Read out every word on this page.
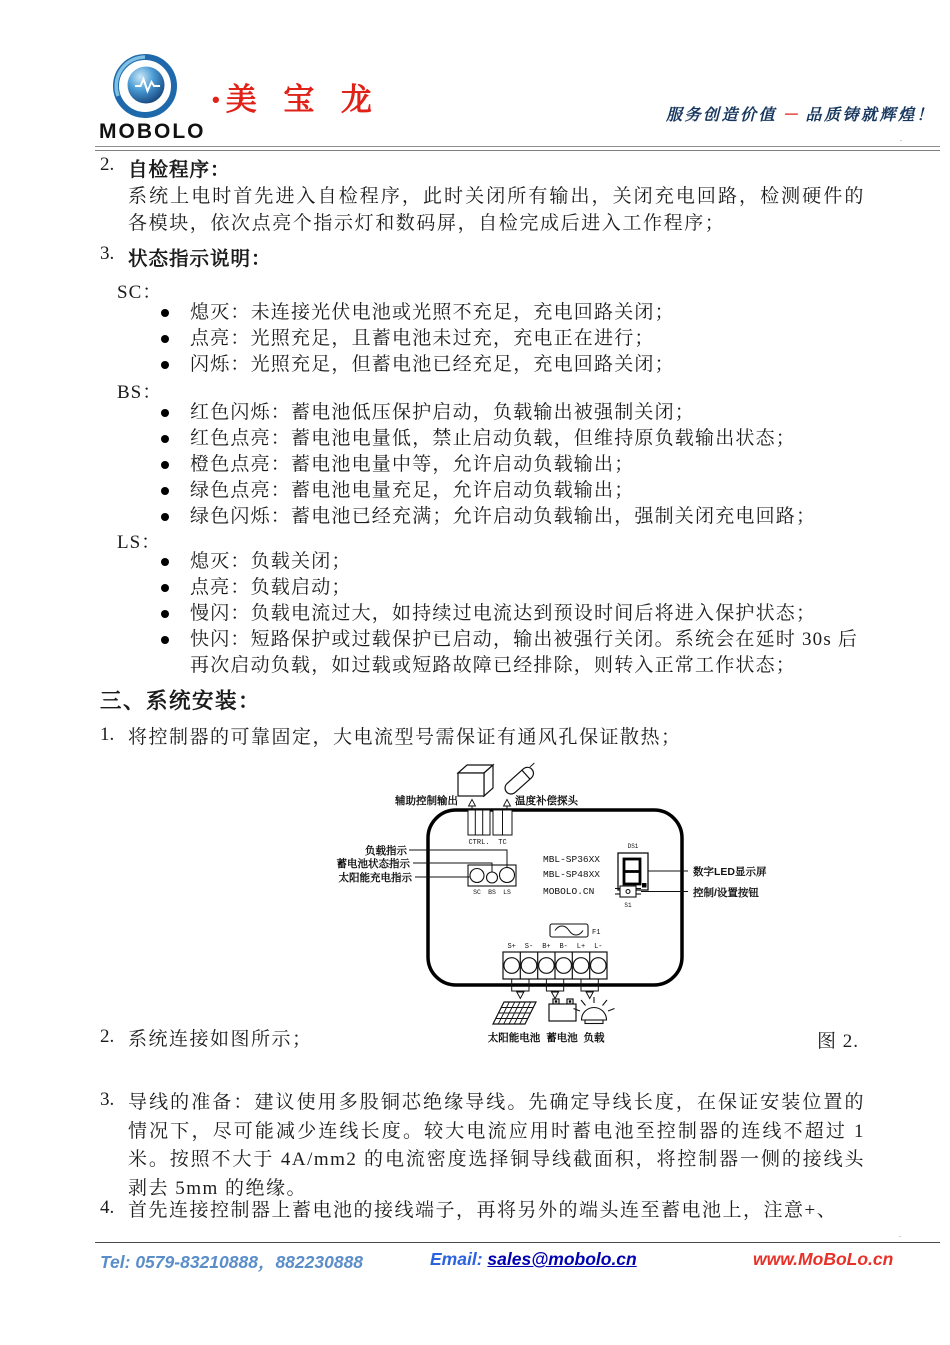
MOBOLO
• 美 宝 龙	服务创造价值 － 品质铸就辉煌！
.
2. 自检程序：
系统上电时首先进入自检程序，此时关闭所有输出，关闭充电回路，检测硬件的各模块，依次点亮个指示灯和数码屏，自检完成后进入工作程序；
3. 状态指示说明：
SC：
熄灭：未连接光伏电池或光照不充足，充电回路关闭；
点亮：光照充足，且蓄电池未过充，充电正在进行；
闪烁：光照充足，但蓄电池已经充足，充电回路关闭；
BS：
红色闪烁：蓄电池低压保护启动，负载输出被强制关闭；
红色点亮：蓄电池电量低，禁止启动负载，但维持原负载输出状态；
橙色点亮：蓄电池电量中等，允许启动负载输出；
绿色点亮：蓄电池电量充足，允许启动负载输出；
绿色闪烁：蓄电池已经充满；允许启动负载输出，强制关闭充电回路；
LS：
熄灭：负载关闭；
点亮：负载启动；
慢闪：负载电流过大，如持续过电流达到预设时间后将进入保护状态；
快闪：短路保护或过载保护已启动，输出被强行关闭。系统会在延时 30s 后再次启动负载，如过载或短路故障已经排除，则转入正常工作状态；
三、系统安装：
1. 将控制器的可靠固定，大电流型号需保证有通风孔保证散热；
辅助控制输出	温度补偿探头
CTRL. TC
SC BS LS
负载指示
蓄电池状态指示
太阳能充电指示
MBL-SP36XX
MBL-SP48XX
MOBOLO.CN
DS1
数字LED显示屏
S1
控制/设置按钮
F1
S+ S- B+ B- L+ L-
太阳能电池 蓄电池 负载
2. 系统连接如图所示；	图 2.
3. 导线的准备：建议使用多股铜芯绝缘导线。先确定导线长度，在保证安装位置的情况下，尽可能减少连线长度。较大电流应用时蓄电池至控制器的连线不超过 1 米。按照不大于 4A/mm2 的电流密度选择铜导线截面积，将控制器一侧的接线头剥去 5mm 的绝缘。
4. 首先连接控制器上蓄电池的接线端子，再将另外的端头连至蓄电池上，注意+、
.
Tel: 0579-83210888，882230888	Email: sales@mobolo.cn	www.MoBoLo.cn
